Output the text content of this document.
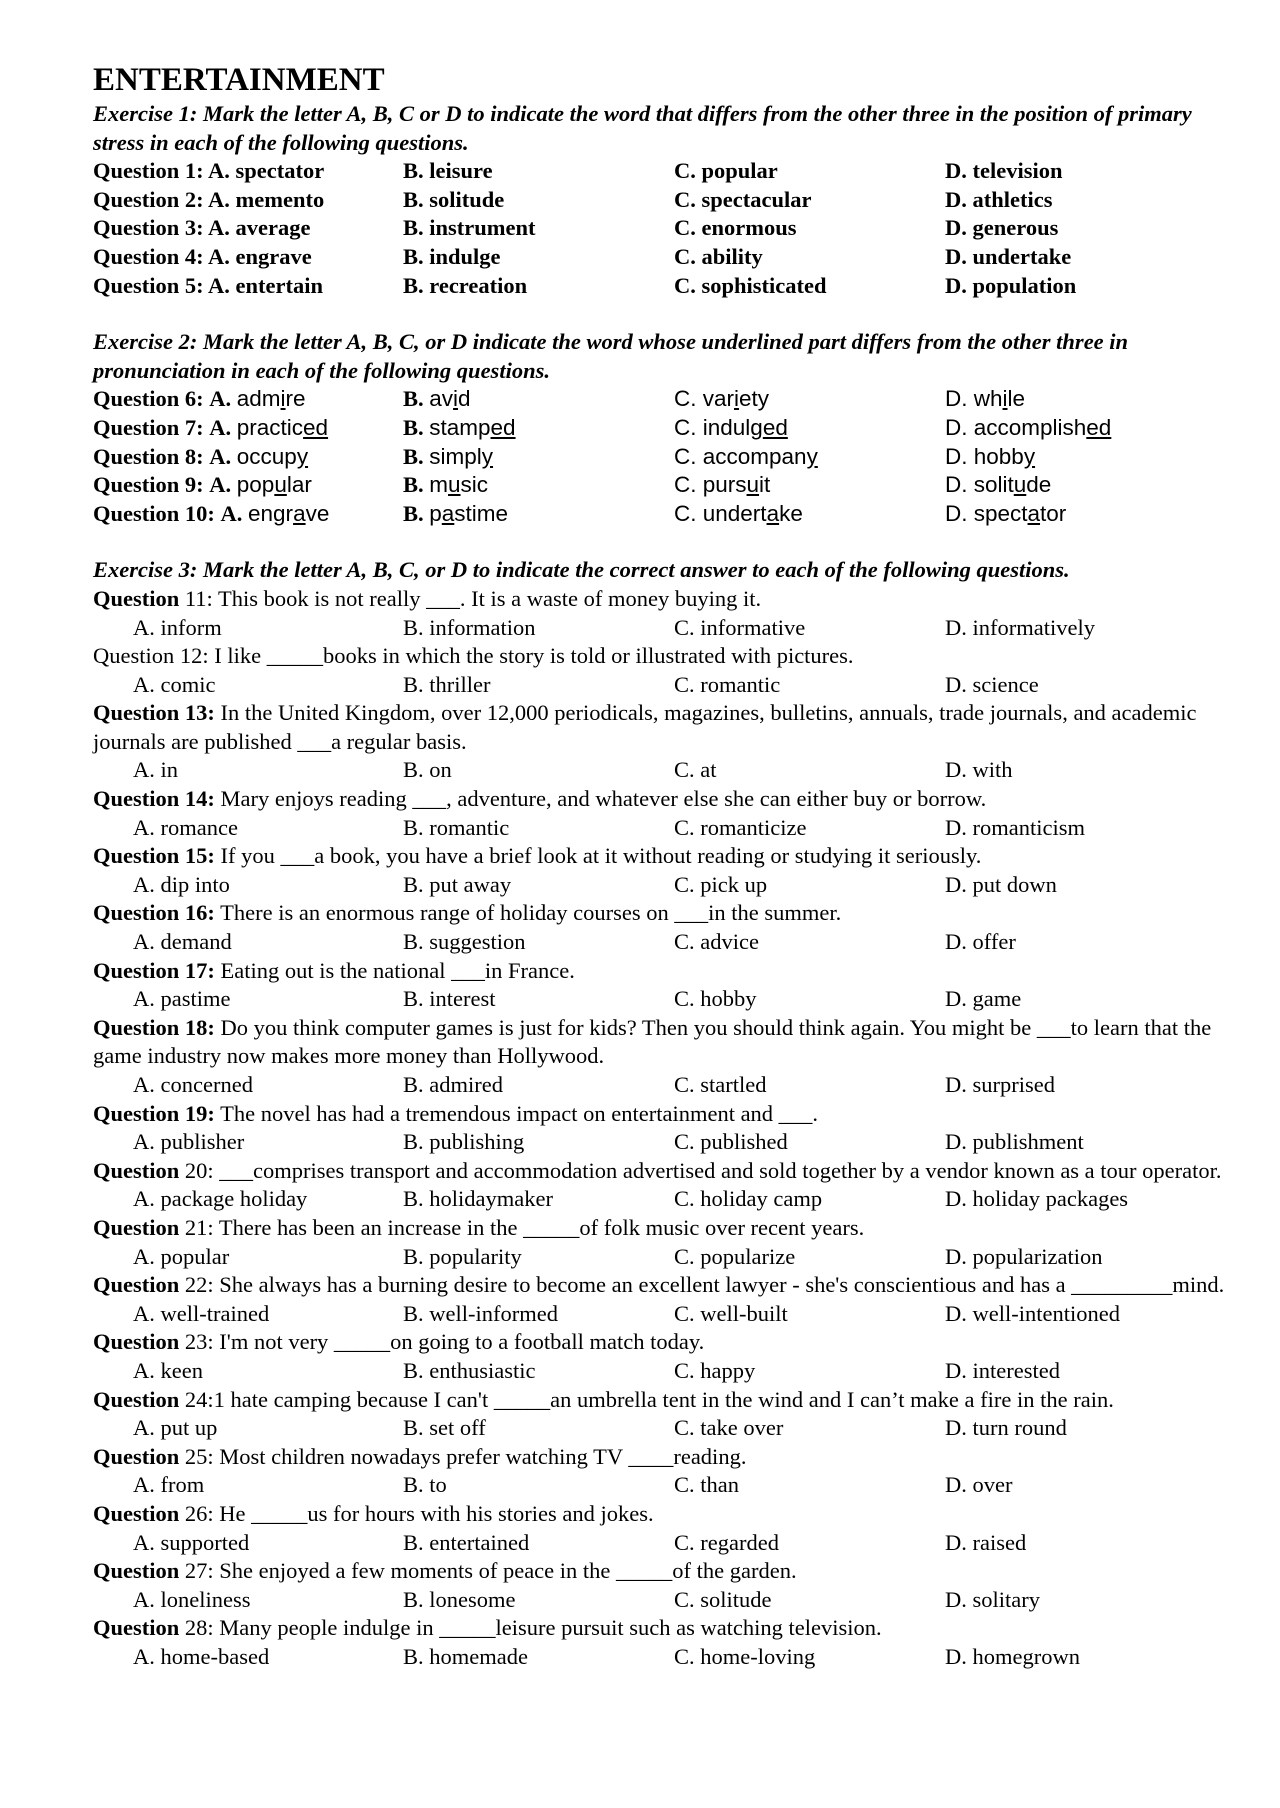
ENTERTAINMENT
Exercise 1: Mark the letter A, B, C or D to indicate the word that differs from the other three in the position of primary stress in each of the following questions.
Question 1: A. spectator	B. leisure	C. popular	D. television
Question 2: A. memento	B. solitude	C. spectacular	D. athletics
Question 3: A. average	B. instrument	C. enormous	D. generous
Question 4: A. engrave	B. indulge	C. ability	D. undertake
Question 5: A. entertain	B. recreation	C. sophisticated	D. population
Exercise 2: Mark the letter A, B, C, or D indicate the word whose underlined part differs from the other three in pronunciation in each of the following questions.
Question 6: A. admire	B. avid	C. variety	D. while
Question 7: A. practiced	B. stamped	C. indulged	D. accomplished
Question 8: A. occupy	B. simply	C. accompany	D. hobby
Question 9: A. popular	B. music	C. pursuit	D. solitude
Question 10: A. engrave	B. pastime	C. undertake	D. spectator
Exercise 3: Mark the letter A, B, C, or D to indicate the correct answer to each of the following questions.
Question 11: This book is not really ___. It is a waste of money buying it.
A. inform	B. information	C. informative	D. informatively
Question 12: I like _____books in which the story is told or illustrated with pictures.
A. comic	B. thriller	C. romantic	D. science
Question 13: In the United Kingdom, over 12,000 periodicals, magazines, bulletins, annuals, trade journals, and academic journals are published ___a regular basis.
A. in	B. on	C. at	D. with
Question 14: Mary enjoys reading ___, adventure, and whatever else she can either buy or borrow.
A. romance	B. romantic	C. romanticize	D. romanticism
Question 15: If you ___a book, you have a brief look at it without reading or studying it seriously.
A. dip into	B. put away	C. pick up	D. put down
Question 16: There is an enormous range of holiday courses on ___in the summer.
A. demand	B. suggestion	C. advice	D. offer
Question 17: Eating out is the national ___in France.
A. pastime	B. interest	C. hobby	D. game
Question 18: Do you think computer games is just for kids? Then you should think again. You might be ___to learn that the game industry now makes more money than Hollywood.
A. concerned	B. admired	C. startled	D. surprised
Question 19: The novel has had a tremendous impact on entertainment and ___.
A. publisher	B. publishing	C. published	D. publishment
Question 20: ___comprises transport and accommodation advertised and sold together by a vendor known as a tour operator.
A. package holiday	B. holidaymaker	C. holiday camp	D. holiday packages
Question 21: There has been an increase in the _____of folk music over recent years.
A. popular	B. popularity	C. popularize	D. popularization
Question 22: She always has a burning desire to become an excellent lawyer - she's conscientious and has a _________mind.
A. well-trained	B. well-informed	C. well-built	D. well-intentioned
Question 23: I'm not very _____on going to a football match today.
A. keen	B. enthusiastic	C. happy	D. interested
Question 24:1 hate camping because I can't _____an umbrella tent in the wind and I can’t make a fire in the rain.
A. put up	B. set off	C. take over	D. turn round
Question 25: Most children nowadays prefer watching TV ____reading.
A. from	B. to	C. than	D. over
Question 26: He _____us for hours with his stories and jokes.
A. supported	B. entertained	C. regarded	D. raised
Question 27: She enjoyed a few moments of peace in the _____of the garden.
A. loneliness	B. lonesome	C. solitude	D. solitary
Question 28: Many people indulge in _____leisure pursuit such as watching television.
A. home-based	B. homemade	C. home-loving	D. homegrown
